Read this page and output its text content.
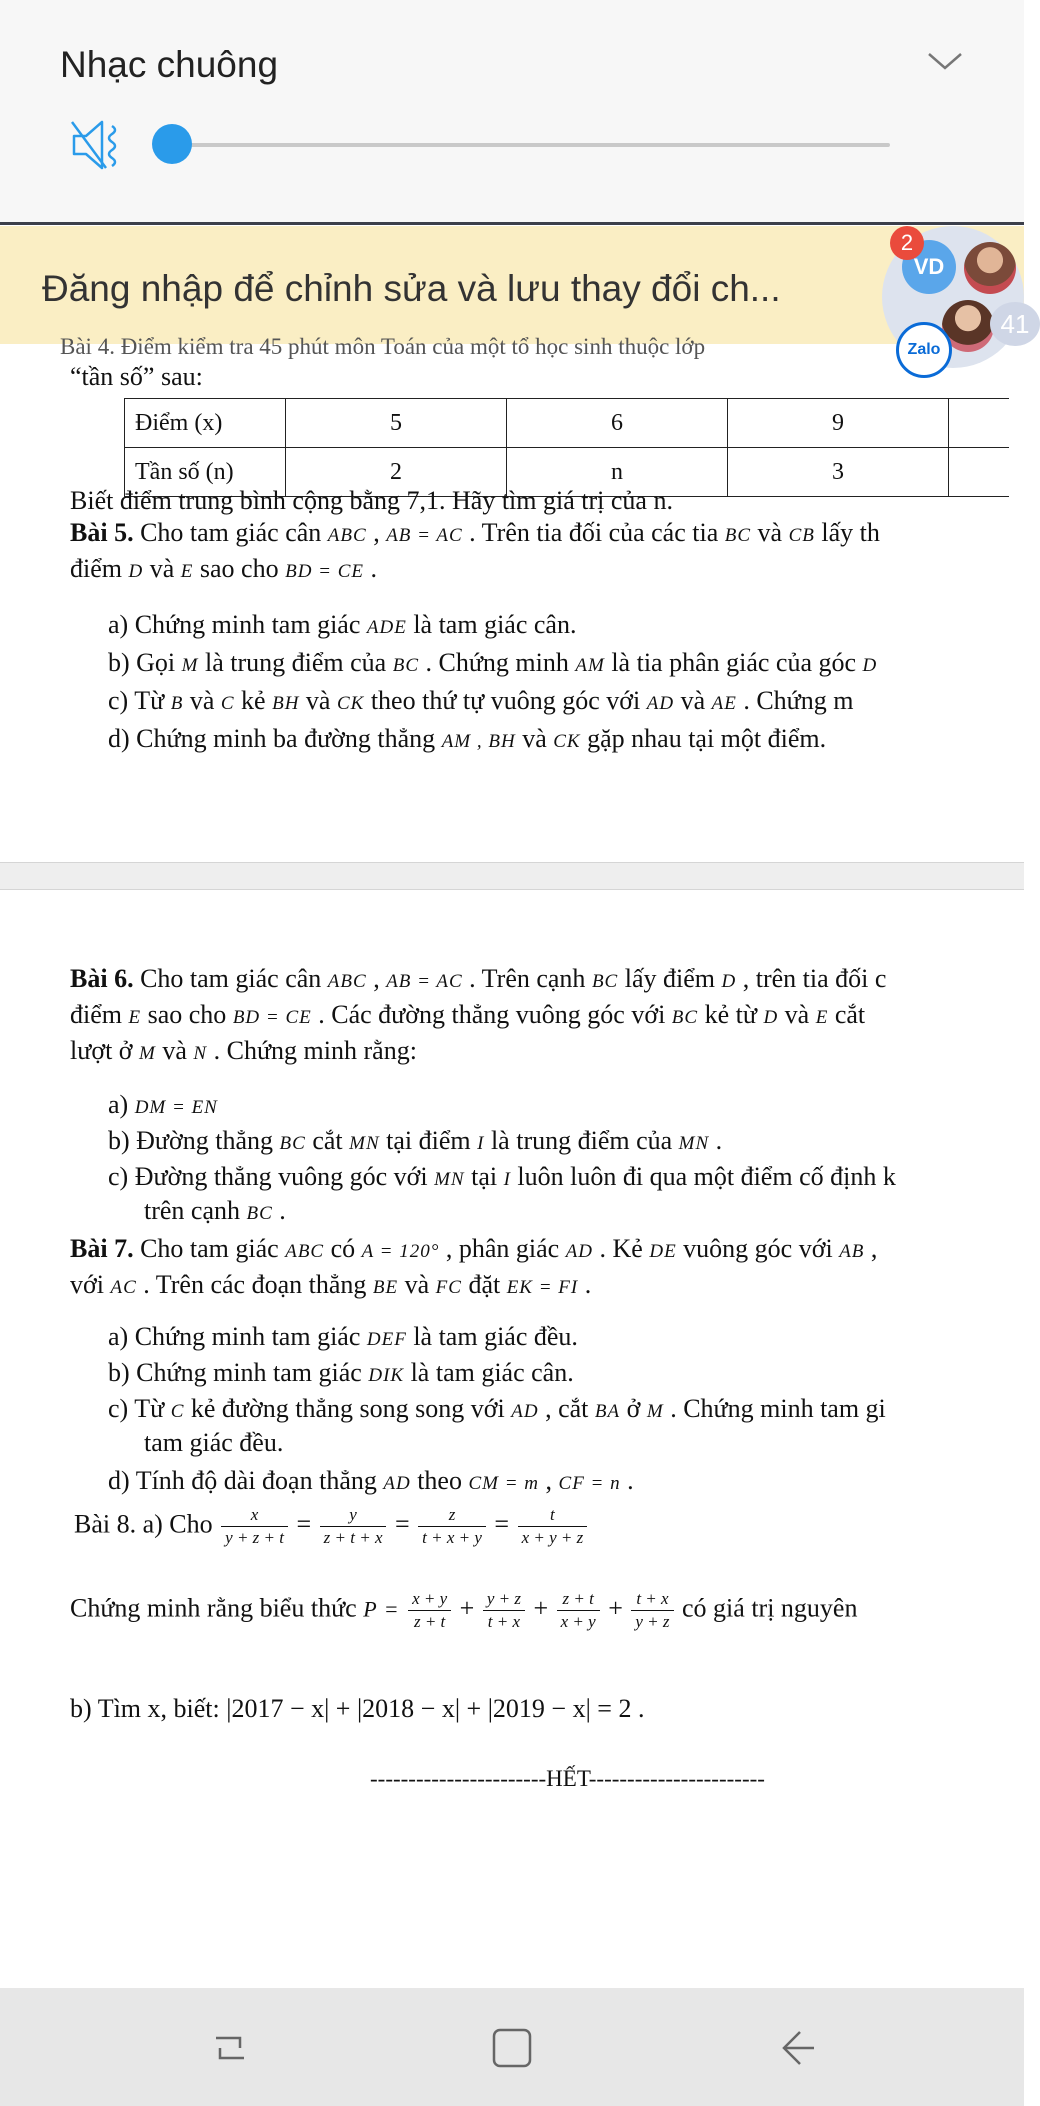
Nhạc chuông
Đăng nhập để chỉnh sửa và lưu thay đổi ch...
VD
2
41
Zalo
Bài 4. Điểm kiểm tra 45 phút môn Toán của một tổ học sinh thuộc lớp
“tần số” sau:
Điểm (x)	5	6	9	
Tần số (n)	2	n	3	
Biết điểm trung bình cộng bằng 7,1. Hãy tìm giá trị của n.
Bài 5. Cho tam giác cân ABC , AB = AC . Trên tia đối của các tia BC và CB lấy th
điểm D và E sao cho BD = CE .
a) Chứng minh tam giác ADE là tam giác cân.
b) Gọi M là trung điểm của BC . Chứng minh AM là tia phân giác của góc D
c) Từ B và C kẻ BH và CK theo thứ tự vuông góc với AD và AE . Chứng m
d) Chứng minh ba đường thẳng AM , BH và CK gặp nhau tại một điểm.
Bài 6. Cho tam giác cân ABC , AB = AC . Trên cạnh BC lấy điểm D , trên tia đối c
điểm E sao cho BD = CE . Các đường thẳng vuông góc với BC kẻ từ D và E cắt
lượt ở M và N . Chứng minh rằng:
a) DM = EN
b) Đường thẳng BC cắt MN tại điểm I là trung điểm của MN .
c) Đường thẳng vuông góc với MN tại I luôn luôn đi qua một điểm cố định k
trên cạnh BC .
Bài 7. Cho tam giác ABC có A = 120° , phân giác AD . Kẻ DE vuông góc với AB ,
với AC . Trên các đoạn thẳng BE và FC đặt EK = FI .
a) Chứng minh tam giác DEF là tam giác đều.
b) Chứng minh tam giác DIK là tam giác cân.
c) Từ C kẻ đường thẳng song song với AD , cắt BA ở M . Chứng minh tam gi
tam giác đều.
d) Tính độ dài đoạn thẳng AD theo CM = m , CF = n .
Bài 8. a) Cho $\frac{x}{y + z + t} = \frac{y}{z + t + x} = \frac{z}{t + x + y} = \frac{t}{x + y + z}$
Chứng minh rằng biểu thức $P = \frac{x + y}{z + t} + \frac{y + z}{t + x} + \frac{z + t}{x + y} + \frac{t + x}{y + z}$ có giá trị nguyên
b) Tìm x, biết: |2017 − x| + |2018 − x| + |2019 − x| = 2 .
-----------------------HẾT-----------------------
